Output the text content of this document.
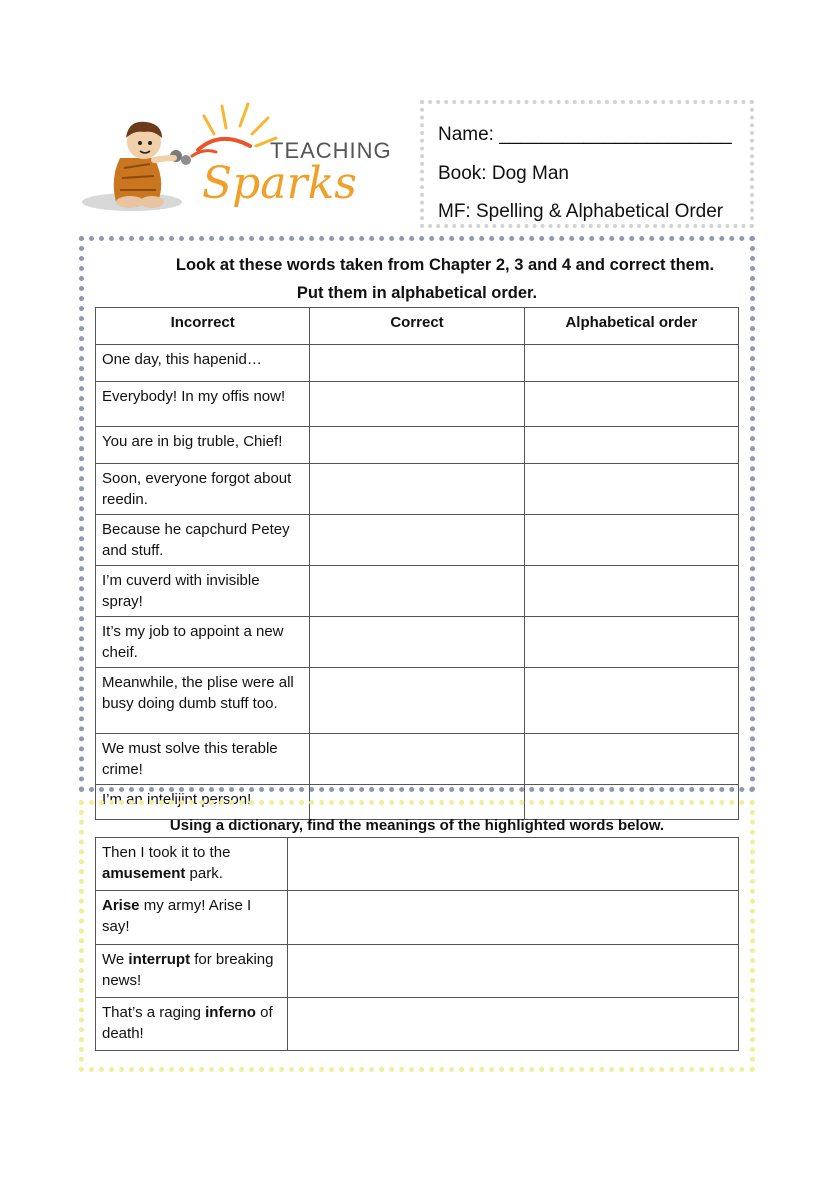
TEACHING
Sparks
Name: ______________________
Book: Dog Man
MF: Spelling & Alphabetical Order
Look at these words taken from Chapter 2, 3 and 4 and correct them.
Put them in alphabetical order.
Incorrect	Correct	Alphabetical order
One day, this hapenid…		
Everybody! In my offis now!		
You are in big truble, Chief!		
Soon, everyone forgot about reedin.		
Because he capchurd Petey and stuff.		
I’m cuverd with invisible spray!		
It’s my job to appoint a new cheif.		
Meanwhile, the plise were all busy doing dumb stuff too.		
We must solve this terable crime!		
I’m an intelijint person!		
Using a dictionary, find the meanings of the highlighted words below.
Then I took it to the amusement park.	
Arise my army! Arise I say!	
We interrupt for breaking news!	
That’s a raging inferno of death!	
